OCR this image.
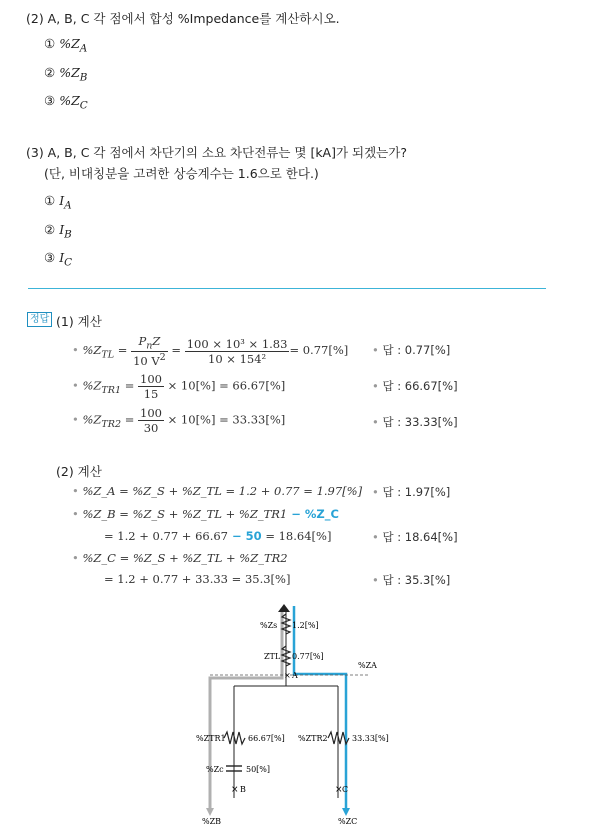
(2) A, B, C 각 점에서 합성 %Impedance를 계산하시오.
① $\%Z_A$
② $\%Z_B$
③ $\%Z_C$
(3) A, B, C 각 점에서 차단기의 소요 차단전류는 몇 [kA]가 되겠는가?
(단, 비대칭분을 고려한 상승계수는 1.6으로 한다.)
① $I_A$
② $I_B$
③ $I_C$
정답 (1) 계산
• $\%Z_{TL} = \frac{P_nZ}{10 V^2} = \frac{\text{100 × 10³ × 1.83}}{\text{10 × 154²}} = 0.77[\%]$ • 답 : 0.77[%]
• $\%Z_{TR1} = \frac{100}{15} \times 10[\%] = 66.67[\%]$	• 답 : 66.67[%]
• $\%Z_{TR2} = \frac{100}{30} \times 10[\%] = 33.33[\%]$	• 답 : 33.33[%]
(2) 계산
• %Z_A = %Z_S + %Z_TL = 1.2 + 0.77 = 1.97[%] • 답 : 1.97[%]
• %Z_B = %Z_S + %Z_TL + %Z_TR1 − %Z_C
= 1.2 + 0.77 + 66.67 − 50 = 18.64[%]	• 답 : 18.64[%]
• %Z_C = %Z_S + %Z_TL + %Z_TR2
= 1.2 + 0.77 + 33.33 = 35.3[%]	• 답 : 35.3[%]
%Zs 1.2[%]
ZTL 0.77[%]
%ZA
× A
%ZTR1	66.67[%] %ZTR2	33.33[%]
%Zc	50[%]
× B	× C
%ZB	%ZC
